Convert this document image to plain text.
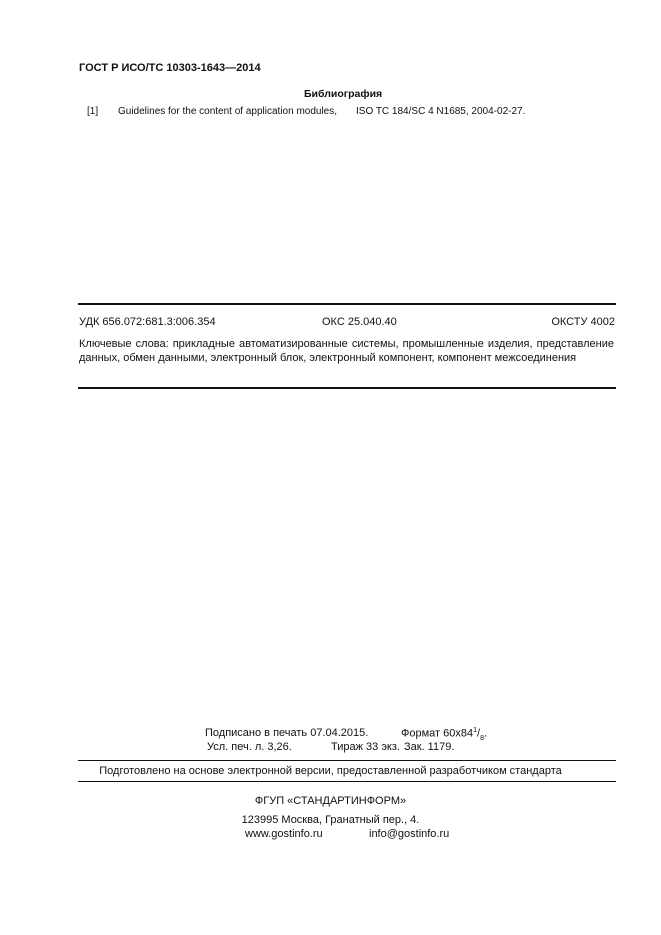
ГОСТ Р ИСО/ТС 10303-1643—2014
Библиография
[1] Guidelines for the content of application modules, ISO TC 184/SC 4 N1685, 2004-02-27.
УДК 656.072:681.3:006.354	ОКС 25.040.40	ОКСТУ 4002
Ключевые слова: прикладные автоматизированные системы, промышленные изделия, представление данных, обмен данными, электронный блок, электронный компонент, компонент межсоединения
Подписано в печать 07.04.2015.	Формат $60x84^1/_8$.
Усл. печ. л. 3,26.	Тираж 33 экз. Зак. 1179.
Подготовлено на основе электронной версии, предоставленной разработчиком стандарта
ФГУП «СТАНДАРТИНФОРМ»
123995 Москва, Гранатный пер., 4.
www.gostinfo.ru	info@gostinfo.ru
